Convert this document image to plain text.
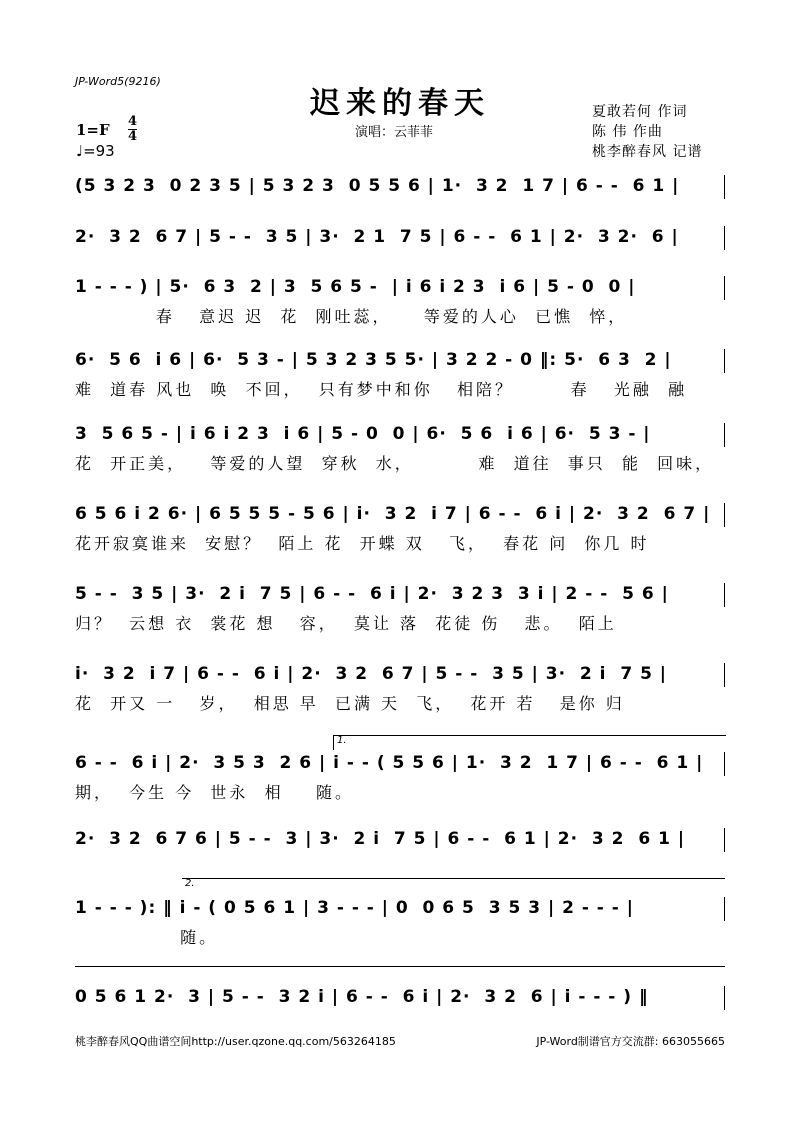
JP-Word5(9216)
迟来的春天	夏敢若何 作词
陈 伟 作曲
桃李醉春风 记谱
演唱：云菲菲
1=F 4
4
♩=93
(5 3 2 3  0 2 3 5 | 5 3 2 3  0 5 5 6 | 1·  3 2  1 7 | 6 - -  6 1 |
2·  3 2  6 7 | 5 - -  3 5 | 3·  2 1  7 5 | 6 - -  6 1 | 2·  3 2·  6 |
1 - - - ) | 5·  6 3  2 | 3  5 6 5 -  | i 6 i 2 3  i 6 | 5 - 0  0 |
春   意迟 迟  花  刚吐蕊，    等爱的人心  已憔  悴，
6·  5 6  i 6 | 6·  5 3 - | 5 3 2 3 5 5· | 3 2 2 - 0 ‖: 5·  6 3  2 |
难  道春 风也  唤  不回，  只有梦中和你   相陪？       春   光融  融
3  5 6 5 - | i 6 i 2 3  i 6 | 5 - 0  0 | 6·  5 6  i 6 | 6·  5 3 - |
花  开正美，   等爱的人望  穿秋  水，        难  道往  事只  能  回味，
6 5 6 i 2 6· | 6 5 5 5 - 5 6 | i·  3 2  i 7 | 6 - -  6 i | 2·  3 2  6 7 |
花开寂寞谁来  安慰？  陌上 花  开蝶 双   飞，  春花 问  你几 时
5 - -  3 5 | 3·  2 i  7 5 | 6 - -  6 i | 2·  3 2 3  3 i | 2 - -  5 6 |
归？  云想 衣  裳花 想   容，  莫让 落  花徒 伤   悲。  陌上
i·  3 2  i 7 | 6 - -  6 i | 2·  3 2  6 7 | 5 - -  3 5 | 3·  2 i  7 5 |
花  开又 一   岁，  相思 早  已满 天  飞，  花开 若   是你 归
1.
6 - -  6 i | 2·  3 5 3  2 6 | i - - ( 5 5 6 | 1·  3 2  1 7 | 6 - -  6 1 |
期，  今生 今  世永  相    随。
2·  3 2  6 7 6 | 5 - -  3 | 3·  2 i  7 5 | 6 - -  6 1 | 2·  3 2  6 1 |
2.
1 - - - ): ‖ i - ( 0 5 6 1 | 3 - - - | 0  0 6 5  3 5 3 | 2 - - - |
随。
0 5 6 1 2·  3 | 5 - -  3 2 i | 6 - -  6 i | 2·  3 2  6 | i - - - ) ‖
桃李醉春风QQ曲谱空间http://user.qzone.qq.com/563264185	JP-Word制谱官方交流群: 663055665
